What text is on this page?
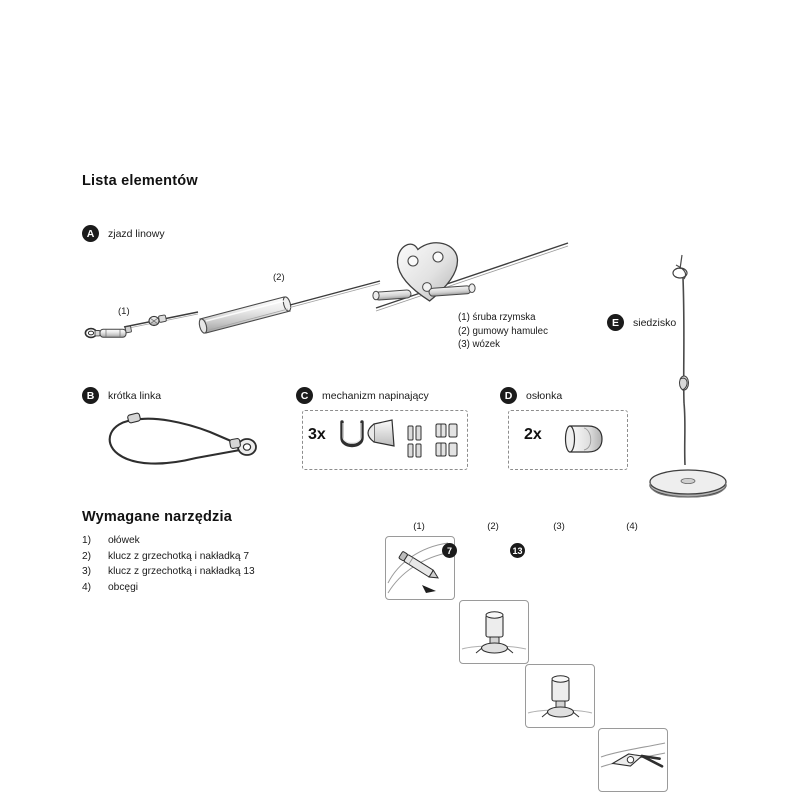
Lista elementów
A	zjazd linowy
(1)
(2)
(1) śruba rzymska
(2) gumowy hamulec
(3) wózek
E	siedzisko
B	krótka linka	C	mechanizm napinający
3x
D	osłonka
2x
Wymagane narzędzia
1)	ołówek
2)	klucz z grzechotką i nakładką 7
3)	klucz z grzechotką i nakładką 13
4)	obcęgi
(1)	(2)
7
(3)
13
(4)
